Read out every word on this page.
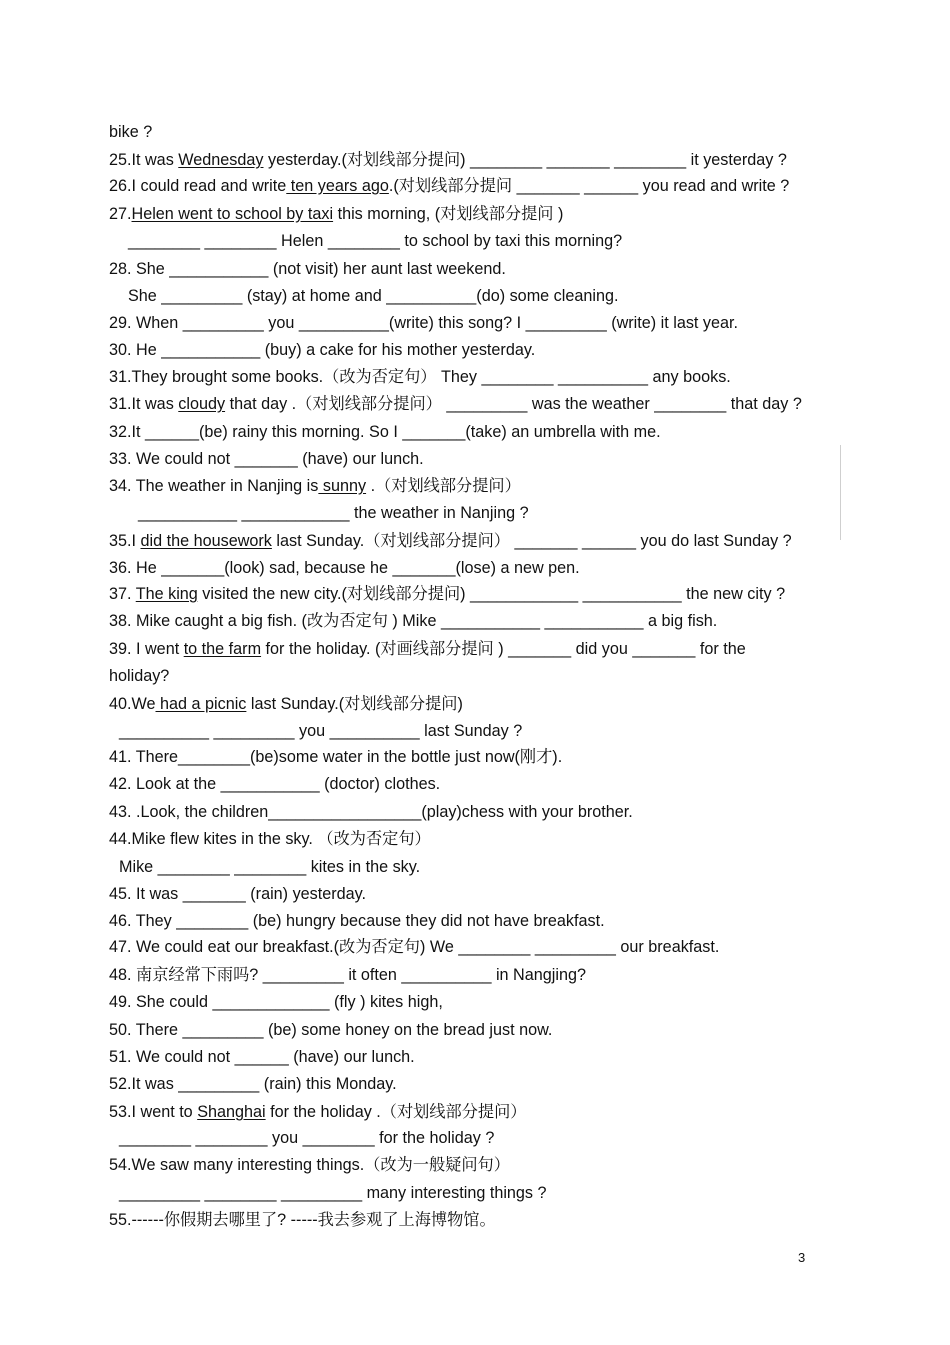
bike ?
25.It was Wednesday yesterday.(对划线部分提问) ________ _______ ________ it yesterday ?
26.I could read and write ten years ago.(对划线部分提问 _______ ______ you read and write ?
27.Helen went to school by taxi this morning, (对划线部分提问 )
________ ________ Helen ________ to school by taxi this morning?
28. She ___________ (not visit) her aunt last weekend.
She _________ (stay) at home and __________(do) some cleaning.
29. When _________ you __________(write) this song? I _________ (write) it last year.
30. He ___________ (buy) a cake for his mother yesterday.
31.They brought some books.（改为否定句） They ________ __________ any books.
31.It was cloudy that day .（对划线部分提问） _________ was the weather ________ that day ?
32.It ______(be) rainy this morning. So I _______(take) an umbrella with me.
33. We could not _______ (have) our lunch.
34. The weather in Nanjing is sunny .（对划线部分提问）
___________ ____________ the weather in Nanjing ?
35.I did the housework last Sunday.（对划线部分提问） _______ ______ you do last Sunday ?
36. He _______(look) sad, because he _______(lose) a new pen.
37. The king visited the new city.(对划线部分提问) ____________ ___________ the new city ?
38. Mike caught a big fish. (改为否定句 ) Mike ___________ ___________ a big fish.
39. I went to the farm for the holiday. (对画线部分提问 ) _______ did you _______ for the
holiday?
40.We had a picnic last Sunday.(对划线部分提问)
__________ _________ you __________ last Sunday ?
41. There________(be)some water in the bottle just now(刚才).
42. Look at the ___________ (doctor) clothes.
43. .Look, the children_________________(play)chess with your brother.
44.Mike flew kites in the sky. （改为否定句）
Mike ________ ________ kites in the sky.
45. It was _______ (rain) yesterday.
46. They ________ (be) hungry because they did not have breakfast.
47. We could eat our breakfast.(改为否定句) We ________ _________ our breakfast.
48. 南京经常下雨吗? _________ it often __________ in Nangjing?
49. She could _____________ (fly ) kites high,
50. There _________ (be) some honey on the bread just now.
51. We could not ______ (have) our lunch.
52.It was _________ (rain) this Monday.
53.I went to Shanghai for the holiday .（对划线部分提问）
________ ________ you ________ for the holiday ?
54.We saw many interesting things.（改为一般疑问句）
_________ ________ _________ many interesting things ?
55.------你假期去哪里了? -----我去参观了上海博物馆。
3
